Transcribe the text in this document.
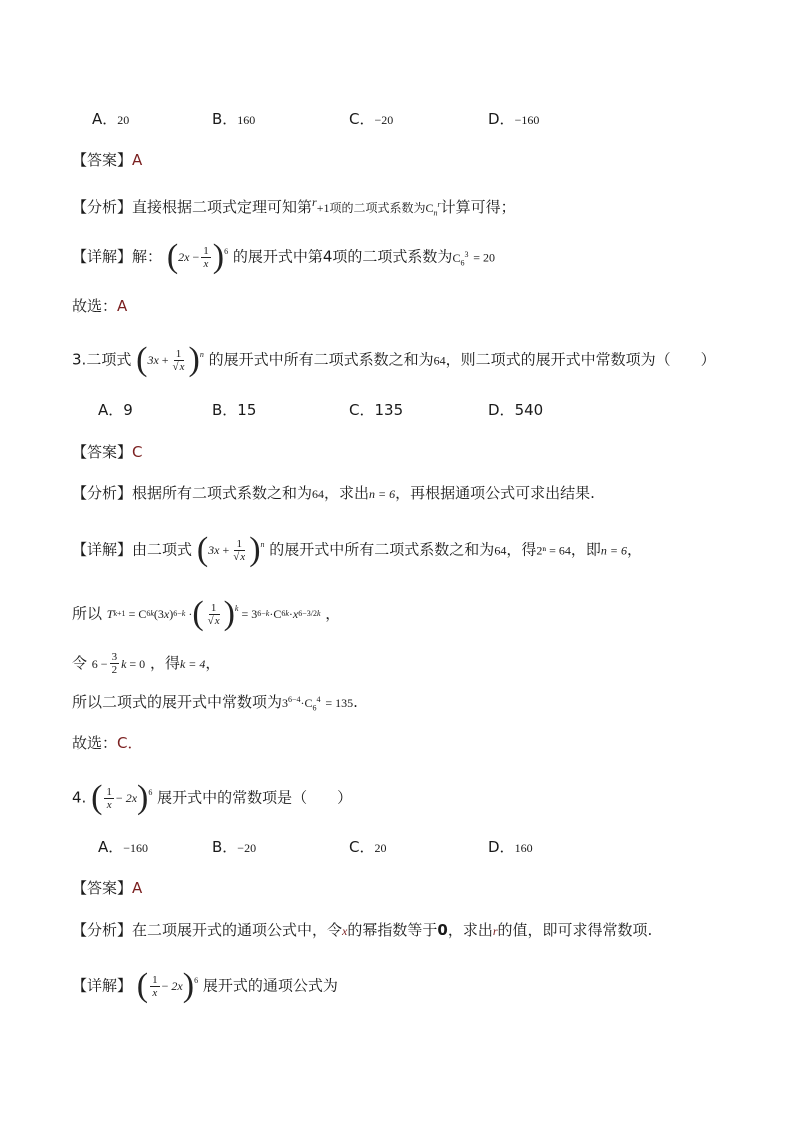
A．20	B．160	C．−20	D．−160
【答案】A
【分析】直接根据二项式定理可知第$^r$+1项的二项式系数为$C_n^r$计算可得；
【详解】解： ( $2x - \frac{1}{x} )^6$ 的展开式中第4项的二项式系数为$C_6^3 = 20$
故选：A
3.二项式 ( $3x + \frac{1}{√x}$ ) $^n$ 的展开式中所有二项式系数之和为64，则二项式的展开式中常数项为（　　）
A．9	B．15	C．135	D．540
【答案】C
【分析】根据所有二项式系数之和为64，求出n = 6，再根据通项公式可求出结果.
【详解】由二项式 ( $3x + \frac{1}{√x}$ ) $^n$ 的展开式中所有二项式系数之和为64，得2ⁿ = 64，即n = 6，
所以 T k+1 = C 6 k (3 x ) 6−k · ( $\frac{1}{√x}$ ) $^k = 3_{6-k} \cdot C$ 6 k · x 6−3/2k ，
令 $6 - \frac{3}{2}$ k = 0 ，得k = 4，
所以二项式的展开式中常数项为$3^{6-4}\cdot C_6^4 = 135$.
故选：C．
4. ( $\frac{1}{x} - 2x$ )$^6$ 展开式中的常数项是（　　）
A．−160	B．−20	C．20	D．160
【答案】A
【分析】在二项展开式的通项公式中，令x的幂指数等于0，求出r的值，即可求得常数项.
【详解】 ( $\frac{1}{x} - 2x$ )$^6$ 展开式的通项公式为
